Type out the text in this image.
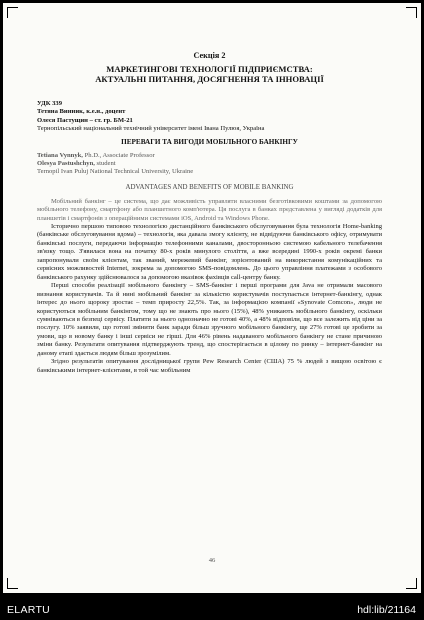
Секція 2
МАРКЕТИНГОВІ ТЕХНОЛОГІЇ ПІДПРИЄМСТВА:
АКТУАЛЬНІ ПИТАННЯ, ДОСЯГНЕННЯ ТА ІННОВАЦІЇ
УДК 339
Тетяна Винник, к.е.н., доцент
Олеся Пастущин – ст. гр. БМ-21
Тернопільський національний технічний університет імені Івана Пулюя, Україна
ПЕРЕВАГИ ТА ВИГОДИ МОБІЛЬНОГО БАНКІНГУ
Tetiana Vynnyk, Ph.D., Associate Professor
Olesya Pastushchyn, student
Ternopil Ivan Puluj National Technical University, Ukraine
ADVANTAGES AND BENEFITS OF MOBILE BANKING

Мобільний банкінг – це система, що дає можливість управляти власними безготівковими коштами за допомогою мобільного телефону, смартфону або планшетного комп'ютера. Ця послуга в банках представлена у вигляді додатків для планшетів і смартфонів з операційними системами iOS, Android та Windows Phone.

Історично першою типовою технологією дистанційного банківського обслуговування була технологія Home-banking (банківське обслуговування вдома) – технологія, яка давала змогу клієнту, не відвідуючи банківського офісу, отримувати банківські послуги, передаючи інформацію телефонними каналами, двосторонньою системою кабельного телебачення зв'язку тощо. З'явилася вона на початку 80-х років минулого століття, а вже всередині 1990-х років окремі банки запропонували своїм клієнтам, так званий, мережевий банкінг, зорієнтований на використання комунікаційних та сервісних можливостей Internet, зокрема за допомогою SMS-повідомлень. До цього управління платежами з особового банківського рахунку здійснювалося за допомогою вказівок фахівців call-центру банку.

Перші способи реалізації мобільного банкінгу – SMS-банкінг і перші програми для Java не отримали масового визнання користувачів. Та й нині мобільний банкінг за кількістю користувачів поступається інтернет-банкінгу, однак інтерес до нього щороку зростає – темп приросту 22,5%. Так, за інформацією компанії «Synovate Comcon», люди не користуються мобільним банкінгом, тому що не знають про нього (15%), 48% уникають мобільного банкінгу, оскільки сумніваються в безпеці сервісу. Платити за нього однозначно не готові 40%, а 48% відповіли, що все залежить від ціни за послугу. 10% заявили, що готові змінити банк заради більш зручного мобільного банкінгу, ще 27% готові це зробити за умови, що в новому банку і інші сервіси не гірші. Для 46% рівень надаваного мобільного банкінгу не стане причиною зміни банку. Результати опитування підтверджують тренд, що спостерігається в цілому по ринку – інтернет-банкінг на даному етапі здається людям більш зрозумілим.

Згідно результатів опитування дослідницької групи Pew Research Center (США) 75 % людей з вищою освітою є банківськими інтернет-клієнтами, в той час мобільним

46
ELARTU	hdl:lib/21164
